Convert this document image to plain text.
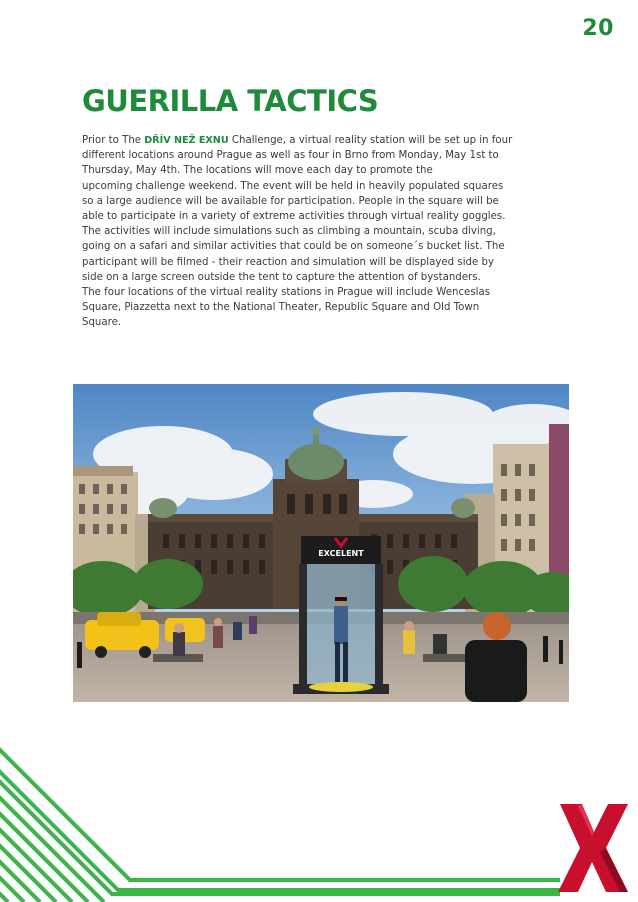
20
GUERILLA TACTICS

Prior to The DŘÍV NEŽ EXNU Challenge, a virtual reality station will be set up in four
different locations around Prague as well as four in Brno from Monday, May 1st to
Thursday, May 4th. The locations will move each day to promote the
upcoming challenge weekend. The event will be held in heavily populated squares
so a large audience will be available for participation. People in the square will be
able to participate in a variety of extreme activities through virtual reality goggles.
The activities will include simulations such as climbing a mountain, scuba diving,
going on a safari and similar activities that could be on someone´s bucket list. The
participant will be filmed - their reaction and simulation will be displayed side by
side on a large screen outside the tent to capture the attention of bystanders.
The four locations of the virtual reality stations in Prague will include Wenceslas
Square, Piazzetta next to the National Theater, Republic Square and Old Town
Square.

EXCELENT
